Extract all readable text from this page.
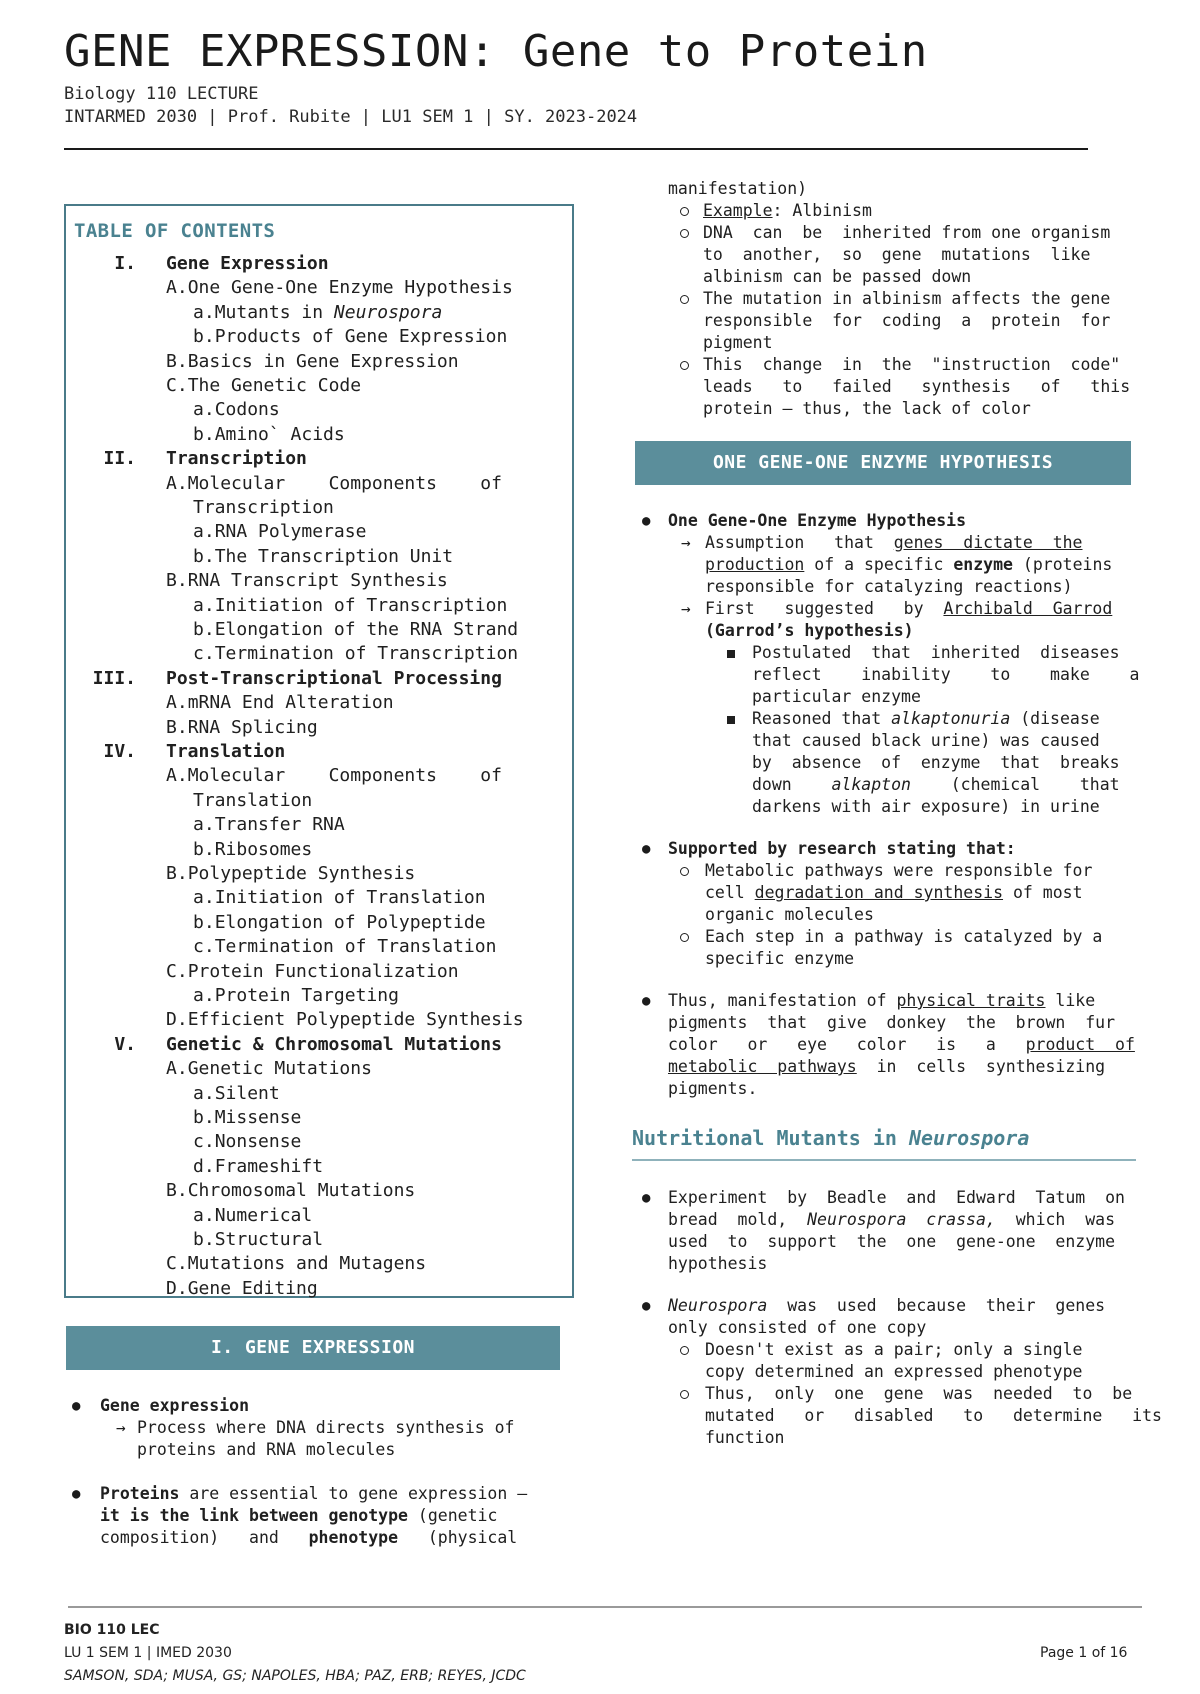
GENE EXPRESSION: Gene to Protein
Biology 110 LECTURE
INTARMED 2030 | Prof. Rubite | LU1 SEM 1 | SY. 2023-2024
TABLE OF CONTENTS
I. Gene Expression
A.One Gene-One Enzyme Hypothesis
a.Mutants in Neurospora
b.Products of Gene Expression
B.Basics in Gene Expression
C.The Genetic Code
a.Codons
b.Amino` Acids
II. Transcription
A.Molecular    Components    of
Transcription
a.RNA Polymerase
b.The Transcription Unit
B.RNA Transcript Synthesis
a.Initiation of Transcription
b.Elongation of the RNA Strand
c.Termination of Transcription
III. Post-Transcriptional Processing
A.mRNA End Alteration
B.RNA Splicing
IV. Translation
A.Molecular    Components    of
Translation
a.Transfer RNA
b.Ribosomes
B.Polypeptide Synthesis
a.Initiation of Translation
b.Elongation of Polypeptide
c.Termination of Translation
C.Protein Functionalization
a.Protein Targeting
D.Efficient Polypeptide Synthesis
V. Genetic & Chromosomal Mutations
A.Genetic Mutations
a.Silent
b.Missense
c.Nonsense
d.Frameshift
B.Chromosomal Mutations
a.Numerical
b.Structural
C.Mutations and Mutagens
D.Gene Editing
I. GENE EXPRESSION
● Gene expression
→ Process where DNA directs synthesis of
proteins and RNA molecules
● Proteins are essential to gene expression —
it is the link between genotype (genetic
composition)   and   phenotype   (physical
manifestation)
Example: Albinism
DNA  can  be  inherited from one organism
to  another,  so  gene  mutations  like
albinism can be passed down
The mutation in albinism affects the gene
responsible  for  coding  a  protein  for
pigment
This  change  in  the  "instruction  code"
leads   to   failed   synthesis   of   this
protein – thus, the lack of color
ONE GENE-ONE ENZYME HYPOTHESIS
● One Gene-One Enzyme Hypothesis
→ Assumption   that  genes  dictate  the
production of a specific enzyme (proteins
responsible for catalyzing reactions)
→ First   suggested   by  Archibald  Garrod
(Garrod’s hypothesis)
Postulated  that  inherited  diseases
reflect    inability    to    make    a
particular enzyme
Reasoned that alkaptonuria (disease
that caused black urine) was caused
by  absence  of  enzyme  that  breaks
down    alkapton    (chemical    that
darkens with air exposure) in urine
● Supported by research stating that:
Metabolic pathways were responsible for
cell degradation and synthesis of most
organic molecules
Each step in a pathway is catalyzed by a
specific enzyme
● Thus, manifestation of physical traits like
pigments  that  give  donkey  the  brown  fur
color   or   eye   color   is   a   product  of
metabolic  pathways  in  cells  synthesizing
pigments.
Nutritional Mutants in Neurospora
● Experiment  by  Beadle  and  Edward  Tatum  on
bread  mold,  Neurospora  crassa,  which  was
used  to  support  the  one  gene-one  enzyme
hypothesis
● Neurospora  was  used  because  their  genes
only consisted of one copy
Doesn't exist as a pair; only a single
copy determined an expressed phenotype
Thus,  only  one  gene  was  needed  to  be
mutated   or   disabled   to   determine   its
function
BIO 110 LEC
LU 1 SEM 1 | IMED 2030
SAMSON, SDA; MUSA, GS; NAPOLES, HBA; PAZ, ERB; REYES, JCDC
Page 1 of 16
